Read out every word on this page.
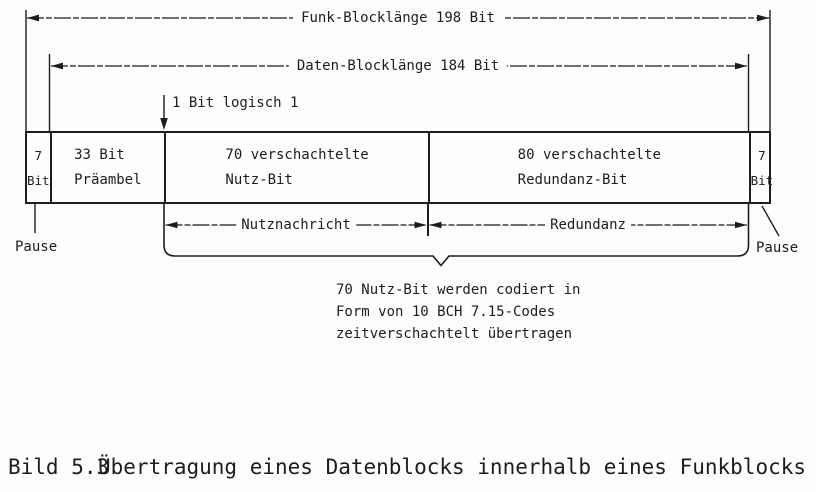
Funk-Blocklänge 198 Bit
Daten-Blocklänge 184 Bit
1 Bit logisch 1
7
Bit
33 Bit
Präambel
70 verschachtelte
Nutz-Bit
80 verschachtelte
Redundanz-Bit
7
Bit
Nutznachricht	Redundanz
Pause	Pause
70 Nutz-Bit werden codiert in
Form von 10 BCH 7.15-Codes
zeitverschachtelt übertragen
Bild 5.3
Übertragung eines Datenblocks innerhalb eines Funkblocks
